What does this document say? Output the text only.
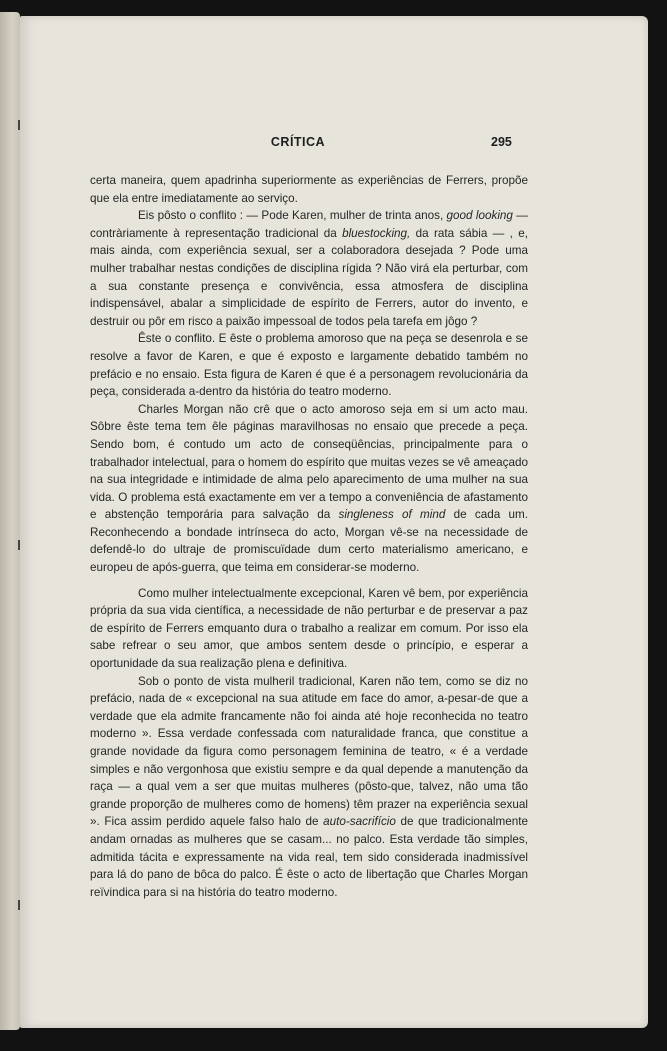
CRÍTICA	295

certa maneira, quem apadrinha superiormente as experiências de Ferrers, propõe que ela entre imediatamente ao serviço.

Eis pôsto o conflito : — Pode Karen, mulher de trinta anos, good looking — contràriamente à representação tradicional da bluestocking, da rata sábia — , e, mais ainda, com experiência sexual, ser a colaboradora desejada ? Pode uma mulher trabalhar nestas condições de disciplina rígida ? Não virá ela perturbar, com a sua constante presença e convivência, essa atmosfera de disciplina indispensável, abalar a simplicidade de espírito de Ferrers, autor do invento, e destruir ou pôr em risco a paixão impessoal de todos pela tarefa em jôgo ?

Êste o conflito. E êste o problema amoroso que na peça se desenrola e se resolve a favor de Karen, e que é exposto e largamente debatido também no prefácio e no ensaio. Esta figura de Karen é que é a personagem revolucionária da peça, considerada a-dentro da história do teatro moderno.

Charles Morgan não crê que o acto amoroso seja em si um acto mau. Sôbre êste tema tem êle páginas maravilhosas no ensaio que precede a peça. Sendo bom, é contudo um acto de conseqüências, principalmente para o trabalhador intelectual, para o homem do espírito que muitas vezes se vê ameaçado na sua integridade e intimidade de alma pelo aparecimento de uma mulher na sua vida. O problema está exactamente em ver a tempo a conveniência de afastamento e abstenção temporária para salvação da singleness of mind de cada um. Reconhecendo a bondade intrínseca do acto, Morgan vê-se na necessidade de defendê-lo do ultraje de promiscuïdade dum certo materialismo americano, e europeu de após-guerra, que teima em considerar-se moderno.

Como mulher intelectualmente excepcional, Karen vê bem, por experiência própria da sua vida científica, a necessidade de não perturbar e de preservar a paz de espírito de Ferrers emquanto dura o trabalho a realizar em comum. Por isso ela sabe refrear o seu amor, que ambos sentem desde o princípio, e esperar a oportunidade da sua realização plena e definitiva.

Sob o ponto de vista mulheril tradicional, Karen não tem, como se diz no prefácio, nada de « excepcional na sua atitude em face do amor, a-pesar-de que a verdade que ela admite francamente não foi ainda até hoje reconhecida no teatro moderno ». Essa verdade confessada com naturalidade franca, que constitue a grande novidade da figura como personagem feminina de teatro, « é a verdade simples e não vergonhosa que existiu sempre e da qual depende a manutenção da raça — a qual vem a ser que muitas mulheres (pôsto-que, talvez, não uma tão grande proporção de mulheres como de homens) têm prazer na experiência sexual ». Fica assim perdido aquele falso halo de auto-sacrifício de que tradicionalmente andam ornadas as mulheres que se casam... no palco. Esta verdade tão simples, admitida tácita e expressamente na vida real, tem sido considerada inadmissível para lá do pano de bôca do palco. É êste o acto de libertação que Charles Morgan reïvindica para si na história do teatro moderno.
